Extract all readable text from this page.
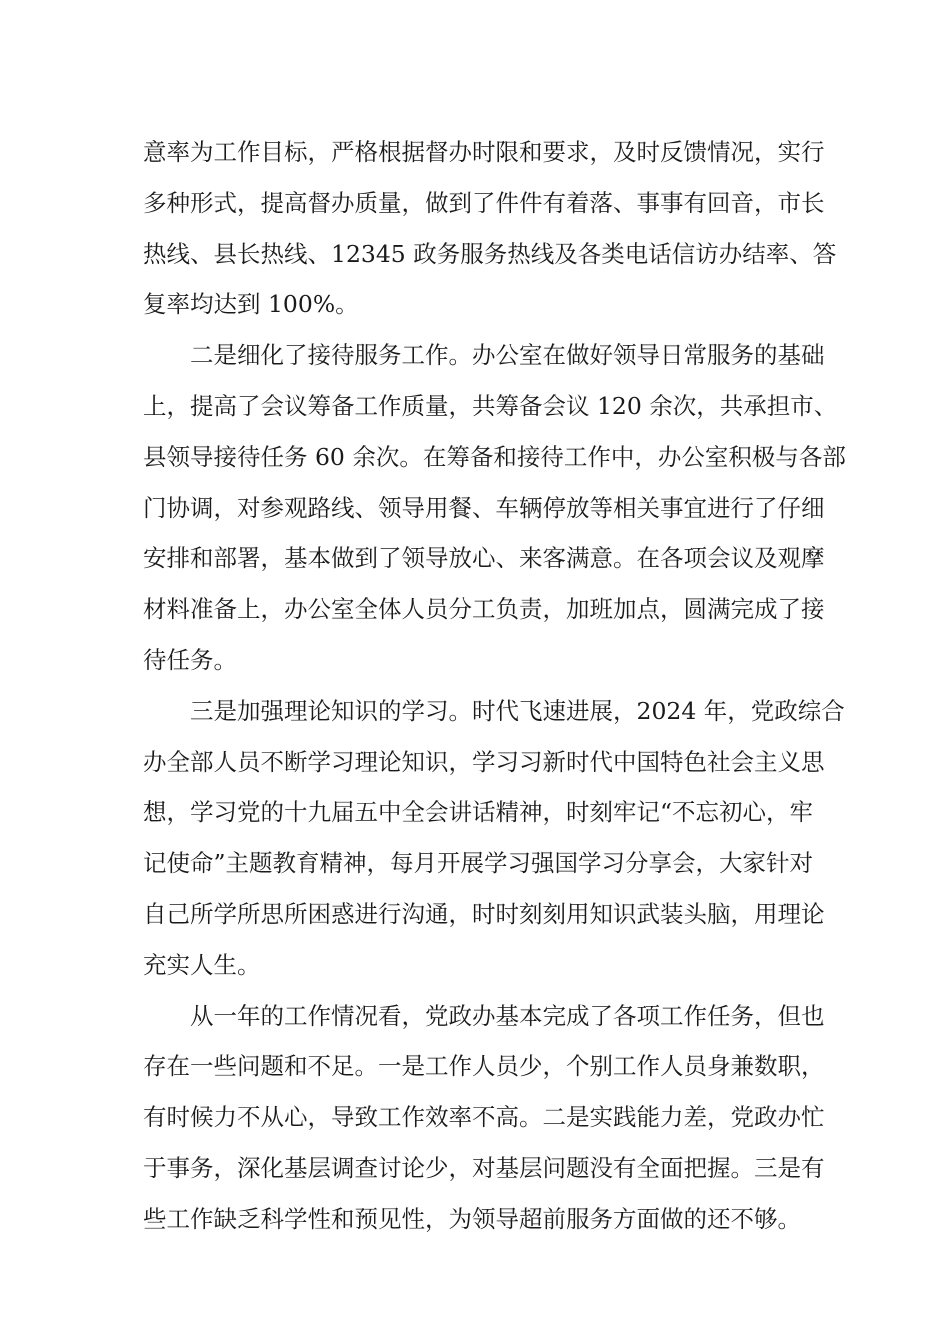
意率为工作目标，严格根据督办时限和要求，及时反馈情况，实行
多种形式，提高督办质量，做到了件件有着落、事事有回音，市长
热线、县长热线、12345 政务服务热线及各类电话信访办结率、答
复率均达到 100%。

二是细化了接待服务工作。办公室在做好领导日常服务的基础
上，提高了会议筹备工作质量，共筹备会议 120 余次，共承担市、
县领导接待任务 60 余次。在筹备和接待工作中，办公室积极与各部
门协调，对参观路线、领导用餐、车辆停放等相关事宜进行了仔细
安排和部署，基本做到了领导放心、来客满意。在各项会议及观摩
材料准备上，办公室全体人员分工负责，加班加点，圆满完成了接
待任务。

三是加强理论知识的学习。时代飞速进展，2024 年，党政综合
办全部人员不断学习理论知识，学习习新时代中国特色社会主义思
想，学习党的十九届五中全会讲话精神，时刻牢记“不忘初心，牢
记使命”主题教育精神，每月开展学习强国学习分享会，大家针对
自己所学所思所困惑进行沟通，时时刻刻用知识武装头脑，用理论
充实人生。

从一年的工作情况看，党政办基本完成了各项工作任务，但也
存在一些问题和不足。一是工作人员少，个别工作人员身兼数职，
有时候力不从心，导致工作效率不高。二是实践能力差，党政办忙
于事务，深化基层调查讨论少，对基层问题没有全面把握。三是有
些工作缺乏科学性和预见性，为领导超前服务方面做的还不够。
